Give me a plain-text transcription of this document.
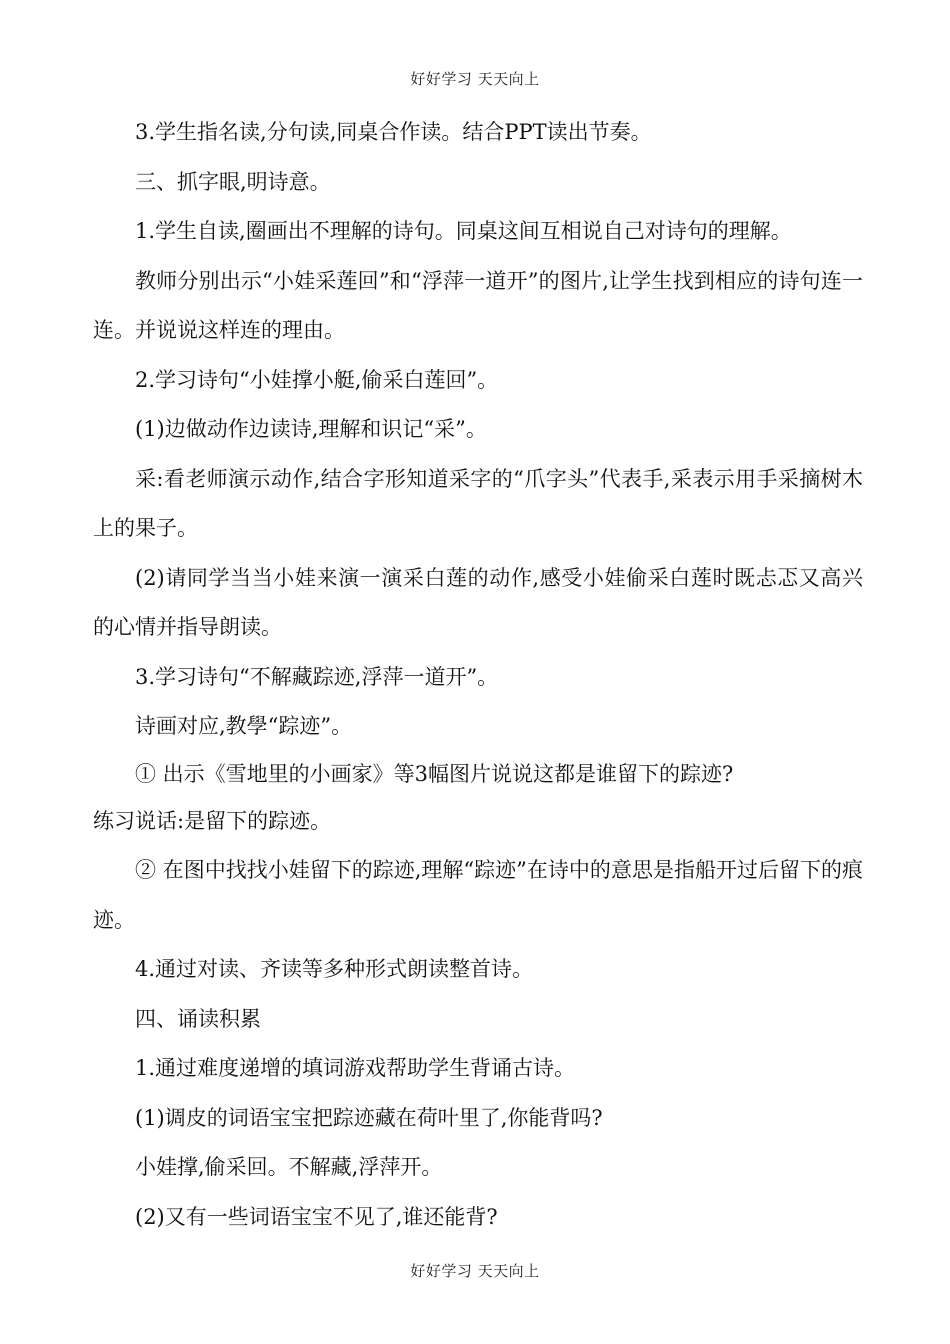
好好学习 天天向上

3.学生指名读,分句读,同桌合作读。结合PPT读出节奏。

三、抓字眼,明诗意。

1.学生自读,圈画出不理解的诗句。同桌这间互相说自己对诗句的理解。

教师分别出示“小娃采莲回”和“浮萍一道开”的图片,让学生找到相应的诗句连一连。并说说这样连的理由。

2.学习诗句“小娃撑小艇,偷采白莲回”。

(1)边做动作边读诗,理解和识记“采”。

采:看老师演示动作,结合字形知道采字的“爪字头”代表手,采表示用手采摘树木上的果子。

(2)请同学当当小娃来演一演采白莲的动作,感受小娃偷采白莲时既忐忑又高兴的心情并指导朗读。

3.学习诗句“不解藏踪迹,浮萍一道开”。

诗画对应,教學“踪迹”。

① 出示《雪地里的小画家》等3幅图片说说这都是谁留下的踪迹?

练习说话:是留下的踪迹。

② 在图中找找小娃留下的踪迹,理解“踪迹”在诗中的意思是指船开过后留下的痕迹。

4.通过对读、齐读等多种形式朗读整首诗。

四、诵读积累

1.通过难度递增的填词游戏帮助学生背诵古诗。

(1)调皮的词语宝宝把踪迹藏在荷叶里了,你能背吗?

小娃撑,偷采回。不解藏,浮萍开。

(2)又有一些词语宝宝不见了,谁还能背?

好好学习 天天向上
